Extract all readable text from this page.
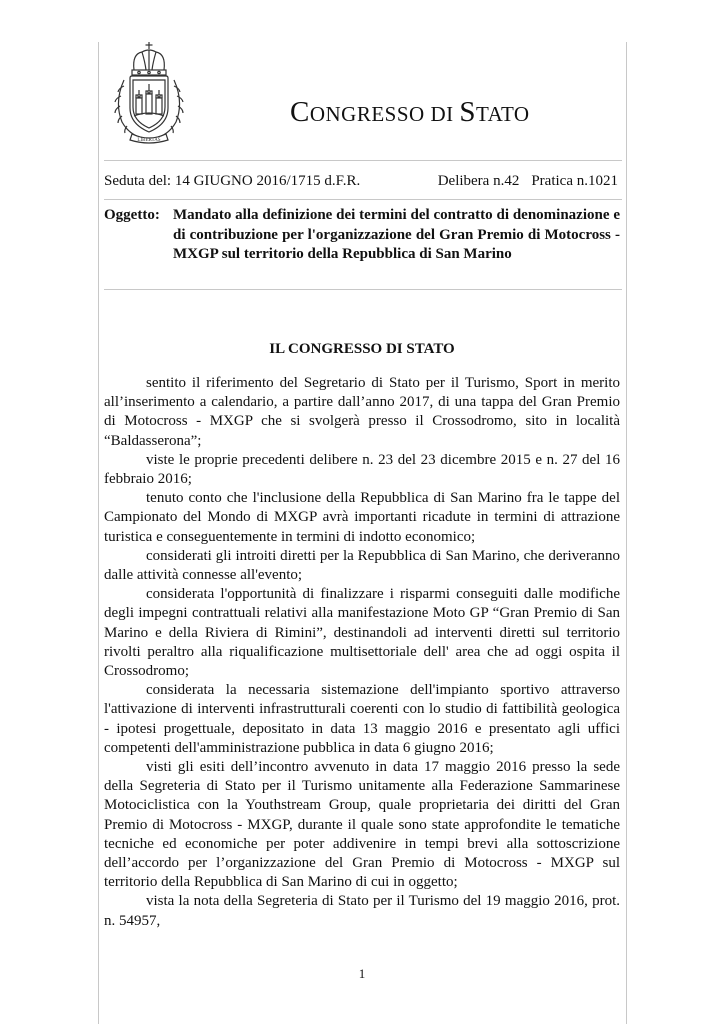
LIBERTAS
CONGRESSO DI STATO
Seduta del: 14 GIUGNO 2016/1715 d.F.R.	Delibera n.42 Pratica n.1021
Oggetto: Mandato alla definizione dei termini del contratto di denominazione e di contribuzione per l'organizzazione del Gran Premio di Motocross - MXGP sul territorio della Repubblica di San Marino
IL CONGRESSO DI STATO

sentito il riferimento del Segretario di Stato per il Turismo, Sport in merito all’inserimento a calendario, a partire dall’anno 2017, di una tappa del Gran Premio di Motocross - MXGP che si svolgerà presso il Crossodromo, sito in località “Baldasserona”;

viste le proprie precedenti delibere n. 23 del 23 dicembre 2015 e n. 27 del 16 febbraio 2016;

tenuto conto che l'inclusione della Repubblica di San Marino fra le tappe del Campionato del Mondo di MXGP avrà importanti ricadute in termini di attrazione turistica e conseguentemente in termini di indotto economico;

considerati gli introiti diretti per la Repubblica di San Marino, che deriveranno dalle attività connesse all'evento;

considerata l'opportunità di finalizzare i risparmi conseguiti dalle modifiche degli impegni contrattuali relativi alla manifestazione Moto GP “Gran Premio di San Marino e della Riviera di Rimini”, destinandoli ad interventi diretti sul territorio rivolti peraltro alla riqualificazione multisettoriale dell' area che ad oggi ospita il Crossodromo;

considerata la necessaria sistemazione dell'impianto sportivo attraverso l'attivazione di interventi infrastrutturali coerenti con lo studio di fattibilità geologica - ipotesi progettuale, depositato in data 13 maggio 2016 e presentato agli uffici competenti dell'amministrazione pubblica in data 6 giugno 2016;

visti gli esiti dell’incontro avvenuto in data 17 maggio 2016 presso la sede della Segreteria di Stato per il Turismo unitamente alla Federazione Sammarinese Motociclistica con la Youthstream Group, quale proprietaria dei diritti del Gran Premio di Motocross - MXGP, durante il quale sono state approfondite le tematiche tecniche ed economiche per poter addivenire in tempi brevi alla sottoscrizione dell’accordo per l’organizzazione del Gran Premio di Motocross - MXGP sul territorio della Repubblica di San Marino di cui in oggetto;

vista la nota della Segreteria di Stato per il Turismo del 19 maggio 2016, prot. n. 54957,

1
